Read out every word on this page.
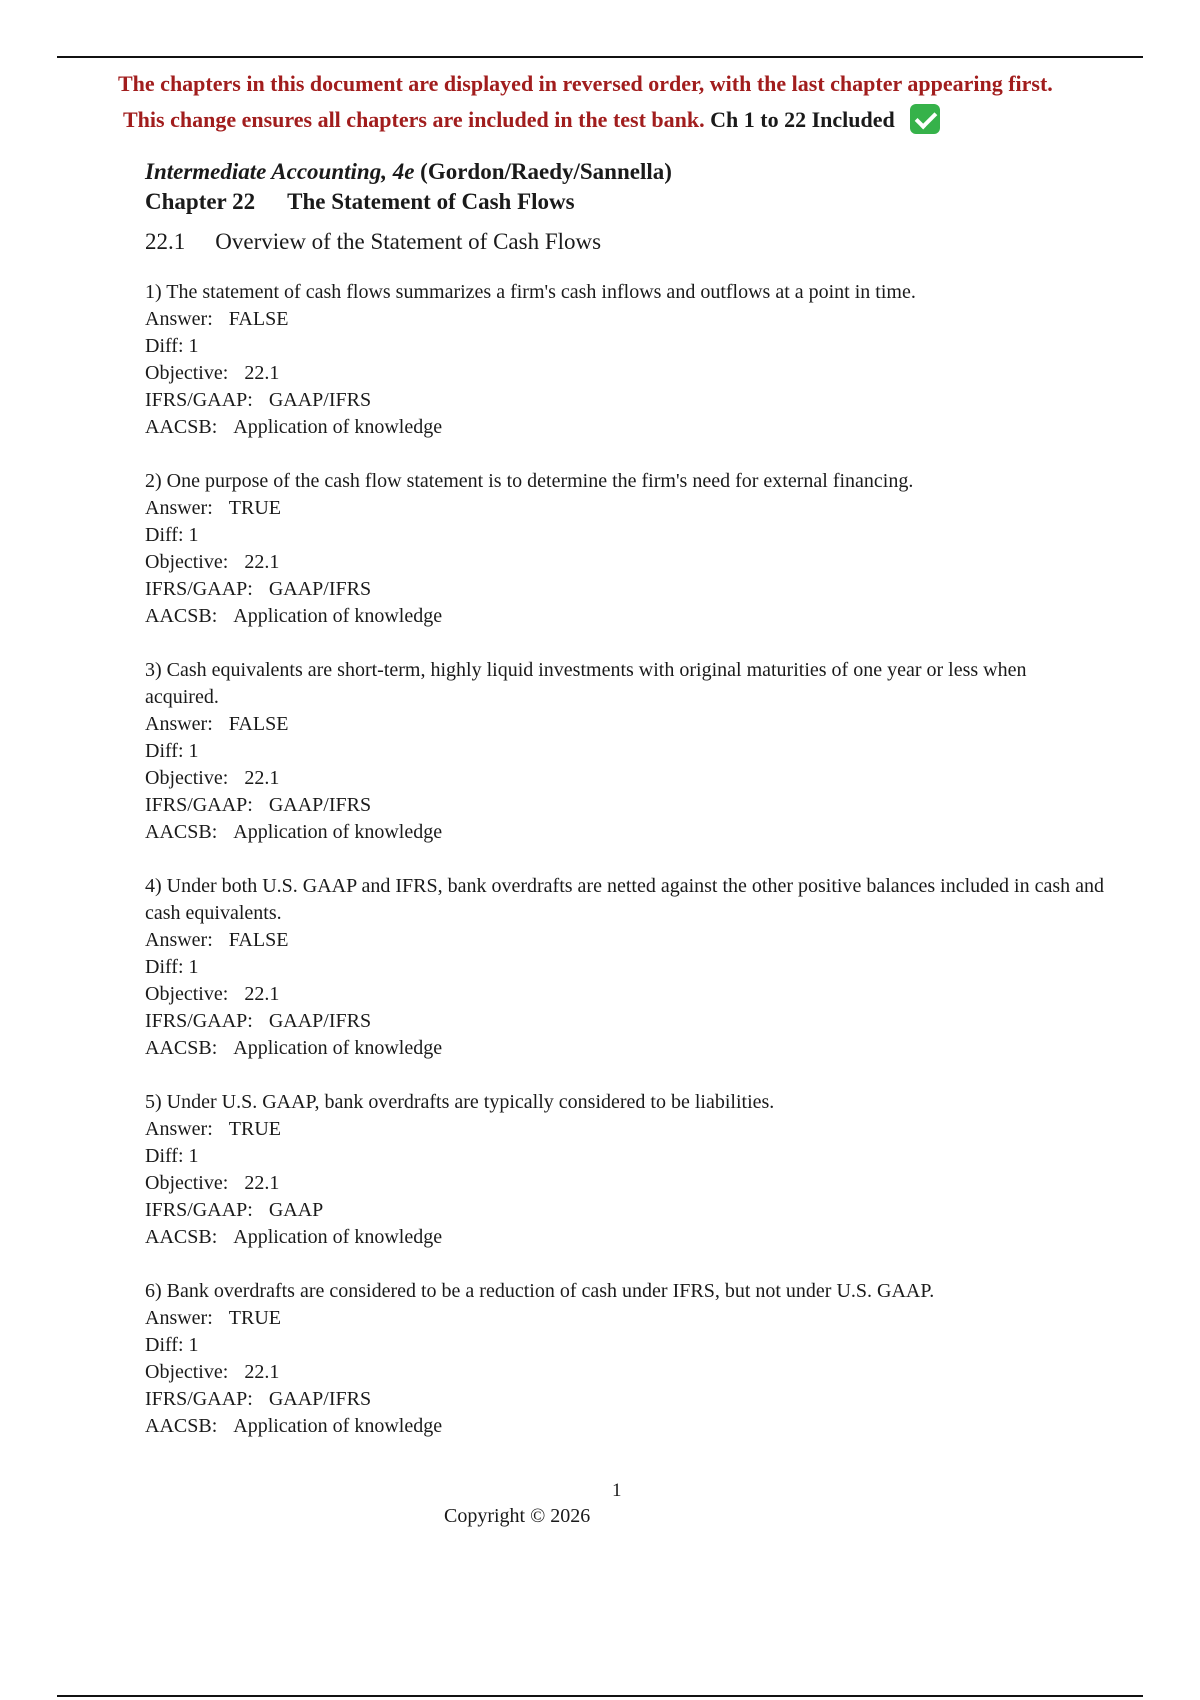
The chapters in this document are displayed in reversed order, with the last chapter appearing first.
This change ensures all chapters are included in the test bank. Ch 1 to 22 Included
Intermediate Accounting, 4e (Gordon/Raedy/Sannella)
Chapter 22 The Statement of Cash Flows
22.1 Overview of the Statement of Cash Flows
1) The statement of cash flows summarizes a firm's cash inflows and outflows at a point in time.
Answer: FALSE
Diff: 1
Objective: 22.1
IFRS/GAAP: GAAP/IFRS
AACSB: Application of knowledge
2) One purpose of the cash flow statement is to determine the firm's need for external financing.
Answer: TRUE
Diff: 1
Objective: 22.1
IFRS/GAAP: GAAP/IFRS
AACSB: Application of knowledge
3) Cash equivalents are short-term, highly liquid investments with original maturities of one year or less when acquired.
Answer: FALSE
Diff: 1
Objective: 22.1
IFRS/GAAP: GAAP/IFRS
AACSB: Application of knowledge
4) Under both U.S. GAAP and IFRS, bank overdrafts are netted against the other positive balances included in cash and cash equivalents.
Answer: FALSE
Diff: 1
Objective: 22.1
IFRS/GAAP: GAAP/IFRS
AACSB: Application of knowledge
5) Under U.S. GAAP, bank overdrafts are typically considered to be liabilities.
Answer: TRUE
Diff: 1
Objective: 22.1
IFRS/GAAP: GAAP
AACSB: Application of knowledge
6) Bank overdrafts are considered to be a reduction of cash under IFRS, but not under U.S. GAAP.
Answer: TRUE
Diff: 1
Objective: 22.1
IFRS/GAAP: GAAP/IFRS
AACSB: Application of knowledge
1
Copyright © 2026
